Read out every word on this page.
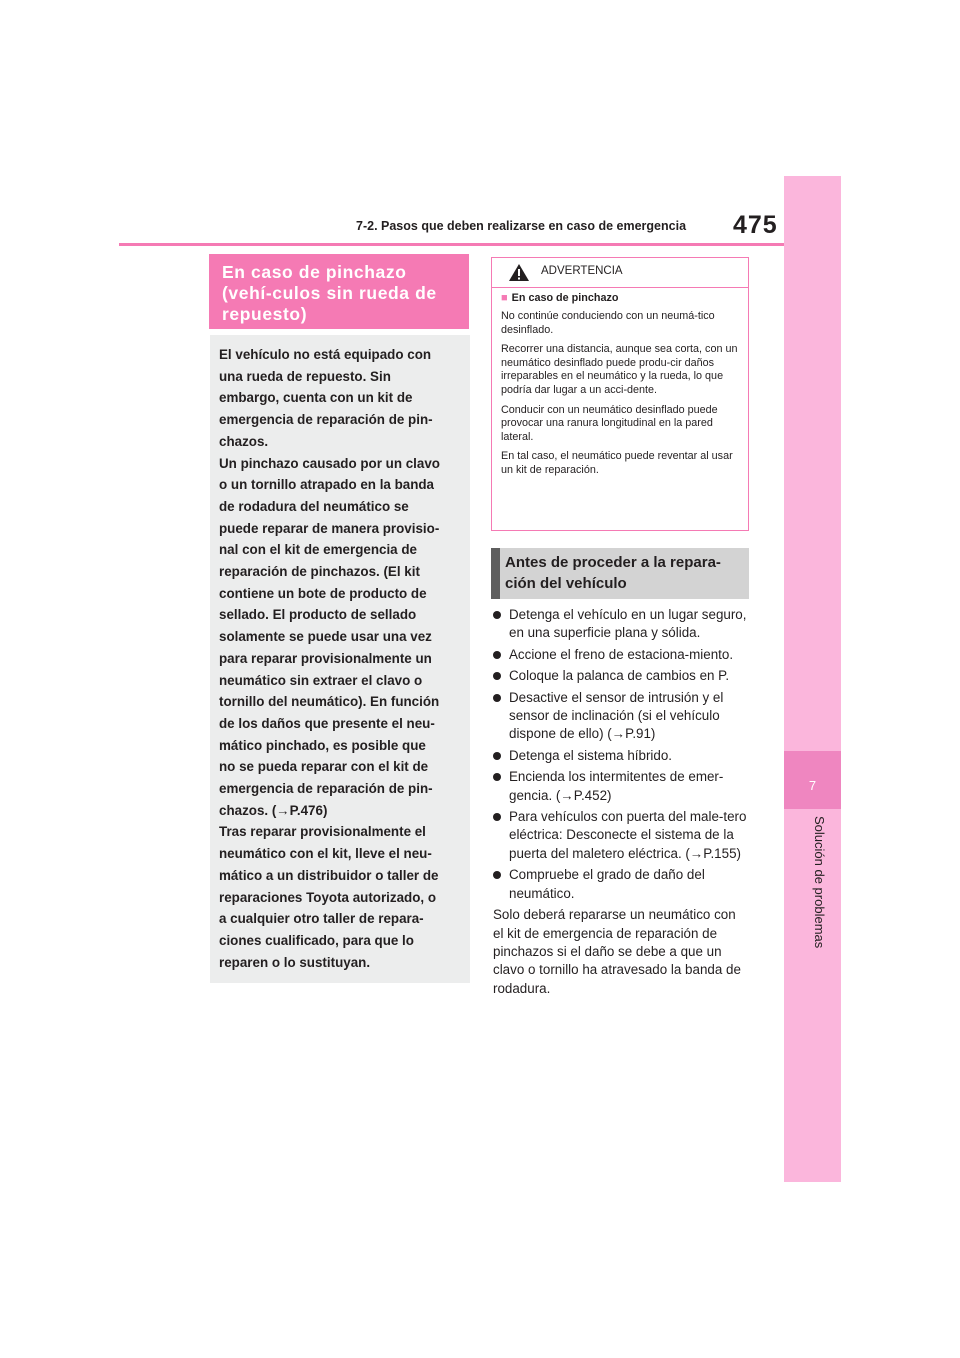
7-2. Pasos que deben realizarse en caso de emergencia 475
7
Solución de problemas
En caso de pinchazo (vehí-culos sin rueda de repuesto)

El vehículo no está equipado con

una rueda de repuesto. Sin

embargo, cuenta con un kit de

emergencia de reparación de pin-

chazos.

Un pinchazo causado por un clavo

o un tornillo atrapado en la banda

de rodadura del neumático se

puede reparar de manera provisio-

nal con el kit de emergencia de

reparación de pinchazos. (El kit

contiene un bote de producto de

sellado. El producto de sellado

solamente se puede usar una vez

para reparar provisionalmente un

neumático sin extraer el clavo o

tornillo del neumático). En función

de los daños que presente el neu-

mático pinchado, es posible que

no se pueda reparar con el kit de

emergencia de reparación de pin-

chazos. (→P.476)

Tras reparar provisionalmente el

neumático con el kit, lleve el neu-

mático a un distribuidor o taller de

reparaciones Toyota autorizado, o

a cualquier otro taller de repara-

ciones cualificado, para que lo

reparen o lo sustituyan.

ADVERTENCIA
■ En caso de pinchazo

No continúe conduciendo con un neumá-tico desinflado.

Recorrer una distancia, aunque sea corta, con un neumático desinflado puede produ-cir daños irreparables en el neumático y la rueda, lo que podría dar lugar a un acci-dente.

Conducir con un neumático desinflado puede provocar una ranura longitudinal en la pared lateral.

En tal caso, el neumático puede reventar al usar un kit de reparación.

Antes de proceder a la repara-ción del vehículo
Detenga el vehículo en un lugar seguro, en una superficie plana y sólida.
Accione el freno de estaciona-miento.
Coloque la palanca de cambios en P.
Desactive el sensor de intrusión y el sensor de inclinación (si el vehículo dispone de ello) (→P.91)
Detenga el sistema híbrido.
Encienda los intermitentes de emer-gencia. (→P.452)
Para vehículos con puerta del male-tero eléctrica: Desconecte el sistema de la puerta del maletero eléctrica. (→P.155)
Compruebe el grado de daño del neumático.
Solo deberá repararse un neumático con el kit de emergencia de reparación de pinchazos si el daño se debe a que un clavo o tornillo ha atravesado la banda de rodadura.
